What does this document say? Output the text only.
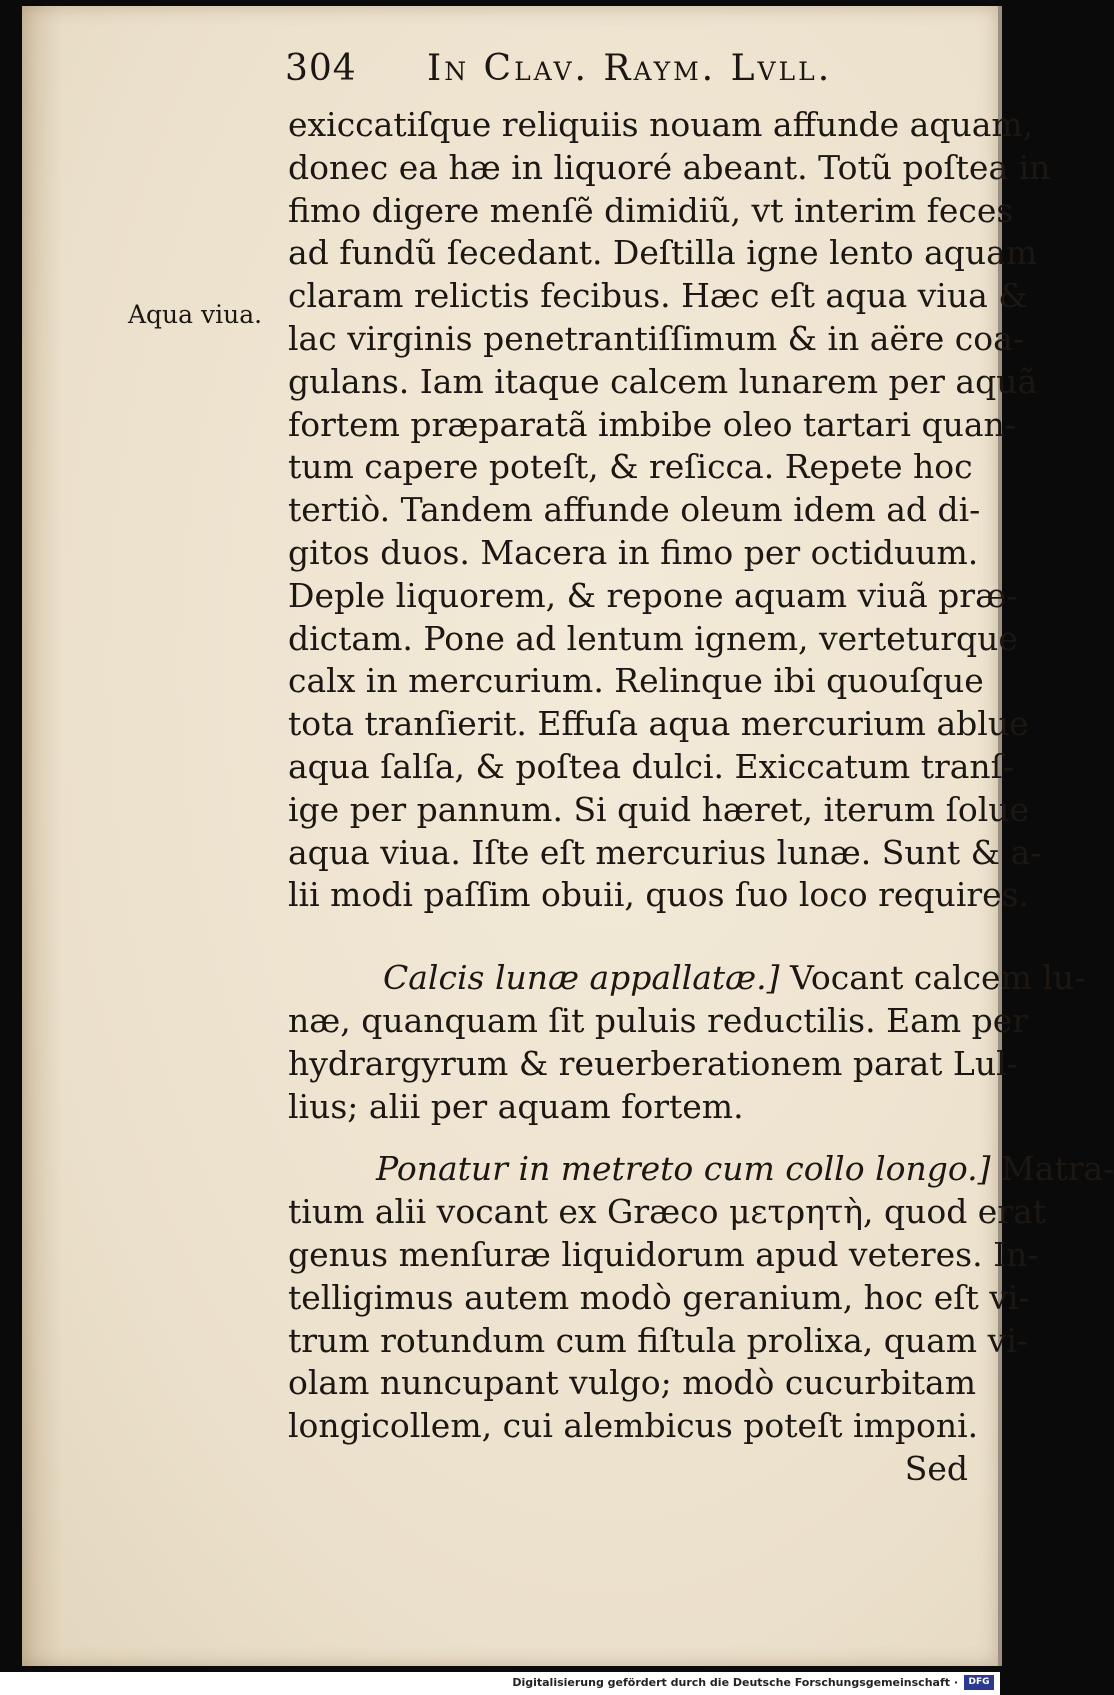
304 In Clav. Raym. Lvll.
Aqua viua.
exiccatiſque reliquiis nouam affunde aquam,
donec ea hæ in liquoré abeant. Totũ poſtea in
fimo digere menſẽ dimidiũ, vt interim feces
ad fundũ ſecedant. Deſtilla igne lento aquam
claram relictis fecibus. Hæc eſt aqua viua &
lac virginis penetrantiſſimum & in aëre coa-
gulans. Iam itaque calcem lunarem per aquã
fortem præparatã imbibe oleo tartari quan-
tum capere poteſt, & reſicca. Repete hoc
tertiò. Tandem affunde oleum idem ad di-
gitos duos. Macera in fimo per octiduum.
Deple liquorem, & repone aquam viuã præ-
dictam. Pone ad lentum ignem, verteturque
calx in mercurium. Relinque ibi quouſque
tota tranſierit. Effuſa aqua mercurium ablue
aqua ſalſa, & poſtea dulci. Exiccatum tranſ-
ige per pannum. Si quid hæret, iterum ſolue
aqua viua. Iſte eſt mercurius lunæ. Sunt & a-
lii modi paſſim obuii, quos ſuo loco requires.
Calcis lunæ appallatæ.] Vocant calcem lu-
næ, quanquam ſit puluis reductilis. Eam per
hydrargyrum & reuerberationem parat Lul-
lius; alii per aquam fortem.
Ponatur in metreto cum collo longo.] Matra-
tium alii vocant ex Græco μετρητὴ, quod erat
genus menſuræ liquidorum apud veteres. In-
telligimus autem modò geranium, hoc eſt vi-
trum rotundum cum fiſtula prolixa, quam vi-
olam nuncupant vulgo; modò cucurbitam
longicollem, cui alembicus poteſt imponi.
Sed
Digitalisierung gefördert durch die Deutsche Forschungsgemeinschaft ·	DFG
